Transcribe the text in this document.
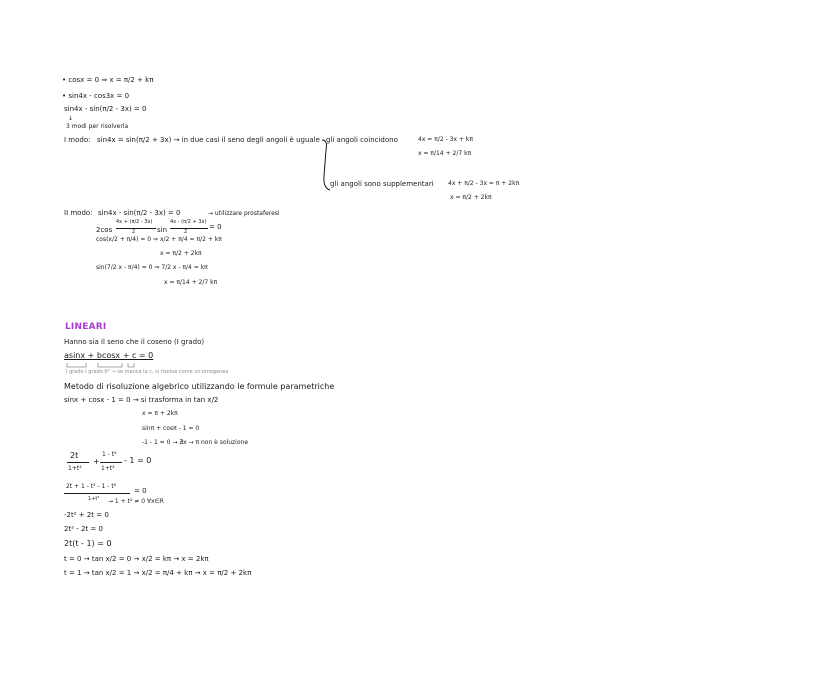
• cosx = 0 ⇒ x = π/2 + kπ
• sin4x - cos3x = 0
sin4x - sin(π/2 - 3x) = 0
↓
3 modi per risolverla
I modo: sin4x = sin(π/2 + 3x) → in due casi il seno degli angoli è uguale gli angoli coincidono	4x = π/2 - 3x + kπ
x = π/14 + 2/7 kπ
gli angoli sono supplementari 4x + π/2 - 3x = π + 2kπ
x = π/2 + 2kπ
II modo: sin4x - sin(π/2 - 3x) = 0	→ utilizzare prostaferesi
2cos
4x + (π/2 - 3x)
2	sin
4x - (π/2 + 3x)
2
= 0
cos(x/2 + π/4) = 0 ⇒ x/2 + π/4 = π/2 + kπ
x = π/2 + 2kπ
sin(7/2 x - π/4) = 0 ⇒ 7/2 x - π/4 = kπ
x = π/14 + 2/7 kπ
LINEARI
Hanno sia il seno che il coseno (I grado)
asinx + bcosx + c = 0
I grado I grado 0° → se manca la c, si risolve come un'omogenea
Metodo di risoluzione algebrico utilizzando le formule parametriche
sinx + cosx - 1 = 0 → si trasforma in tan x/2
x = π + 2kπ
sinπ + cosπ - 1 = 0
-1 - 1 = 0 → ∄x → π non è soluzione
2t
1+t²
+
1 - t²
1+t²
- 1 = 0
2t + 1 - t² - 1 - t²
1+t²
= 0
→ 1 + t² ≠ 0 ∀x∈R
-2t² + 2t = 0
2t² - 2t = 0
2t(t - 1) = 0
t = 0 → tan x/2 = 0 → x/2 = kπ → x = 2kπ
t = 1 → tan x/2 = 1 → x/2 = π/4 + kπ → x = π/2 + 2kπ
